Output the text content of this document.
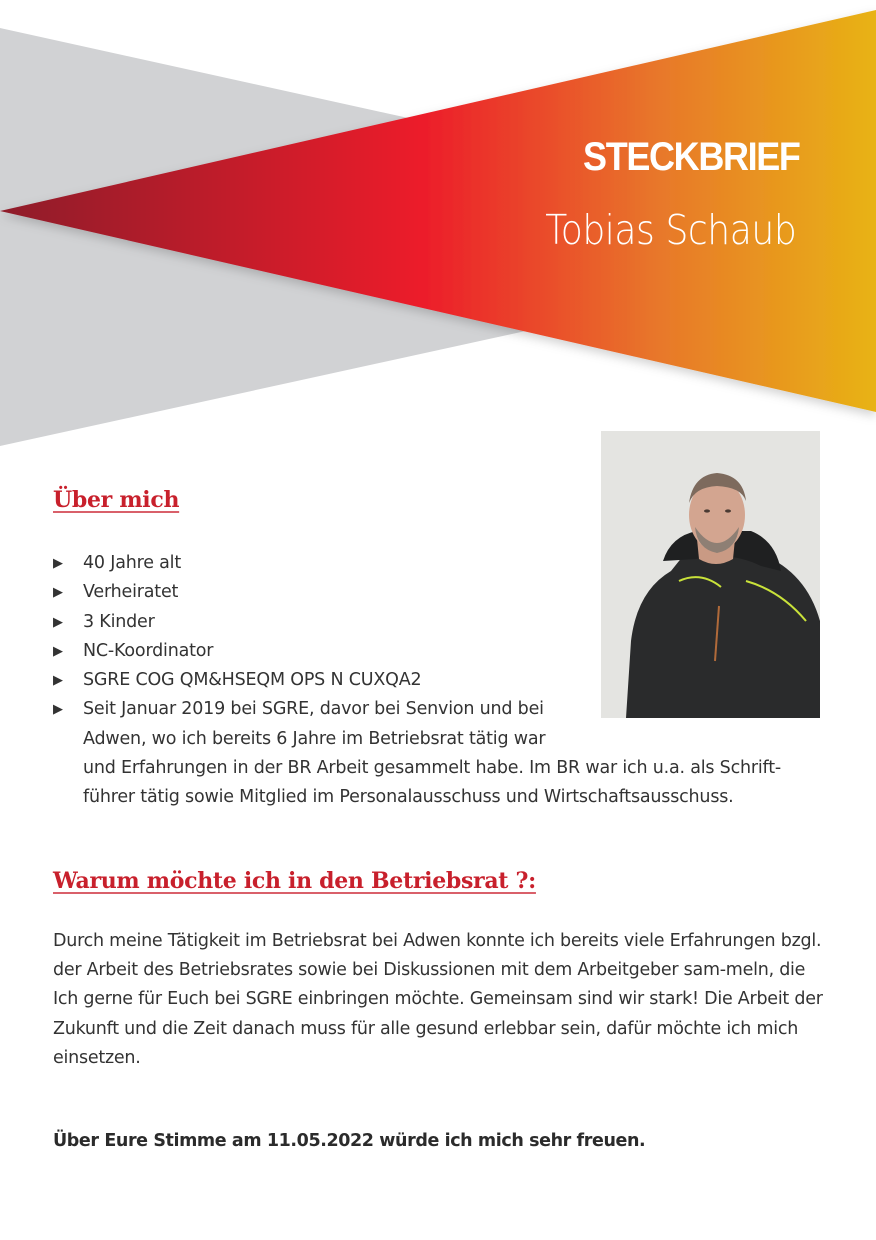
STECKBRIEF
Tobias Schaub
Über mich
▶ 40 Jahre alt
▶ Verheiratet
▶ 3 Kinder
▶ NC-Koordinator
▶ SGRE COG QM&HSEQM OPS N CUXQA2
▶ Seit Januar 2019 bei SGRE, davor bei Senvion und bei
Adwen, wo ich bereits 6 Jahre im Betriebsrat tätig war
und Erfahrungen in der BR Arbeit gesammelt habe. Im BR war ich u.a. als Schrift-führer tätig sowie Mitglied im Personalausschuss und Wirtschaftsausschuss.
Warum möchte ich in den Betriebsrat ?:

Durch meine Tätigkeit im Betriebsrat bei Adwen konnte ich bereits viele Erfahrungen bzgl. der Arbeit des Betriebsrates sowie bei Diskussionen mit dem Arbeitgeber sam-meln, die Ich gerne für Euch bei SGRE einbringen möchte. Gemeinsam sind wir stark! Die Arbeit der Zukunft und die Zeit danach muss für alle gesund erlebbar sein, dafür möchte ich mich einsetzen.

Über Eure Stimme am 11.05.2022 würde ich mich sehr freuen.
